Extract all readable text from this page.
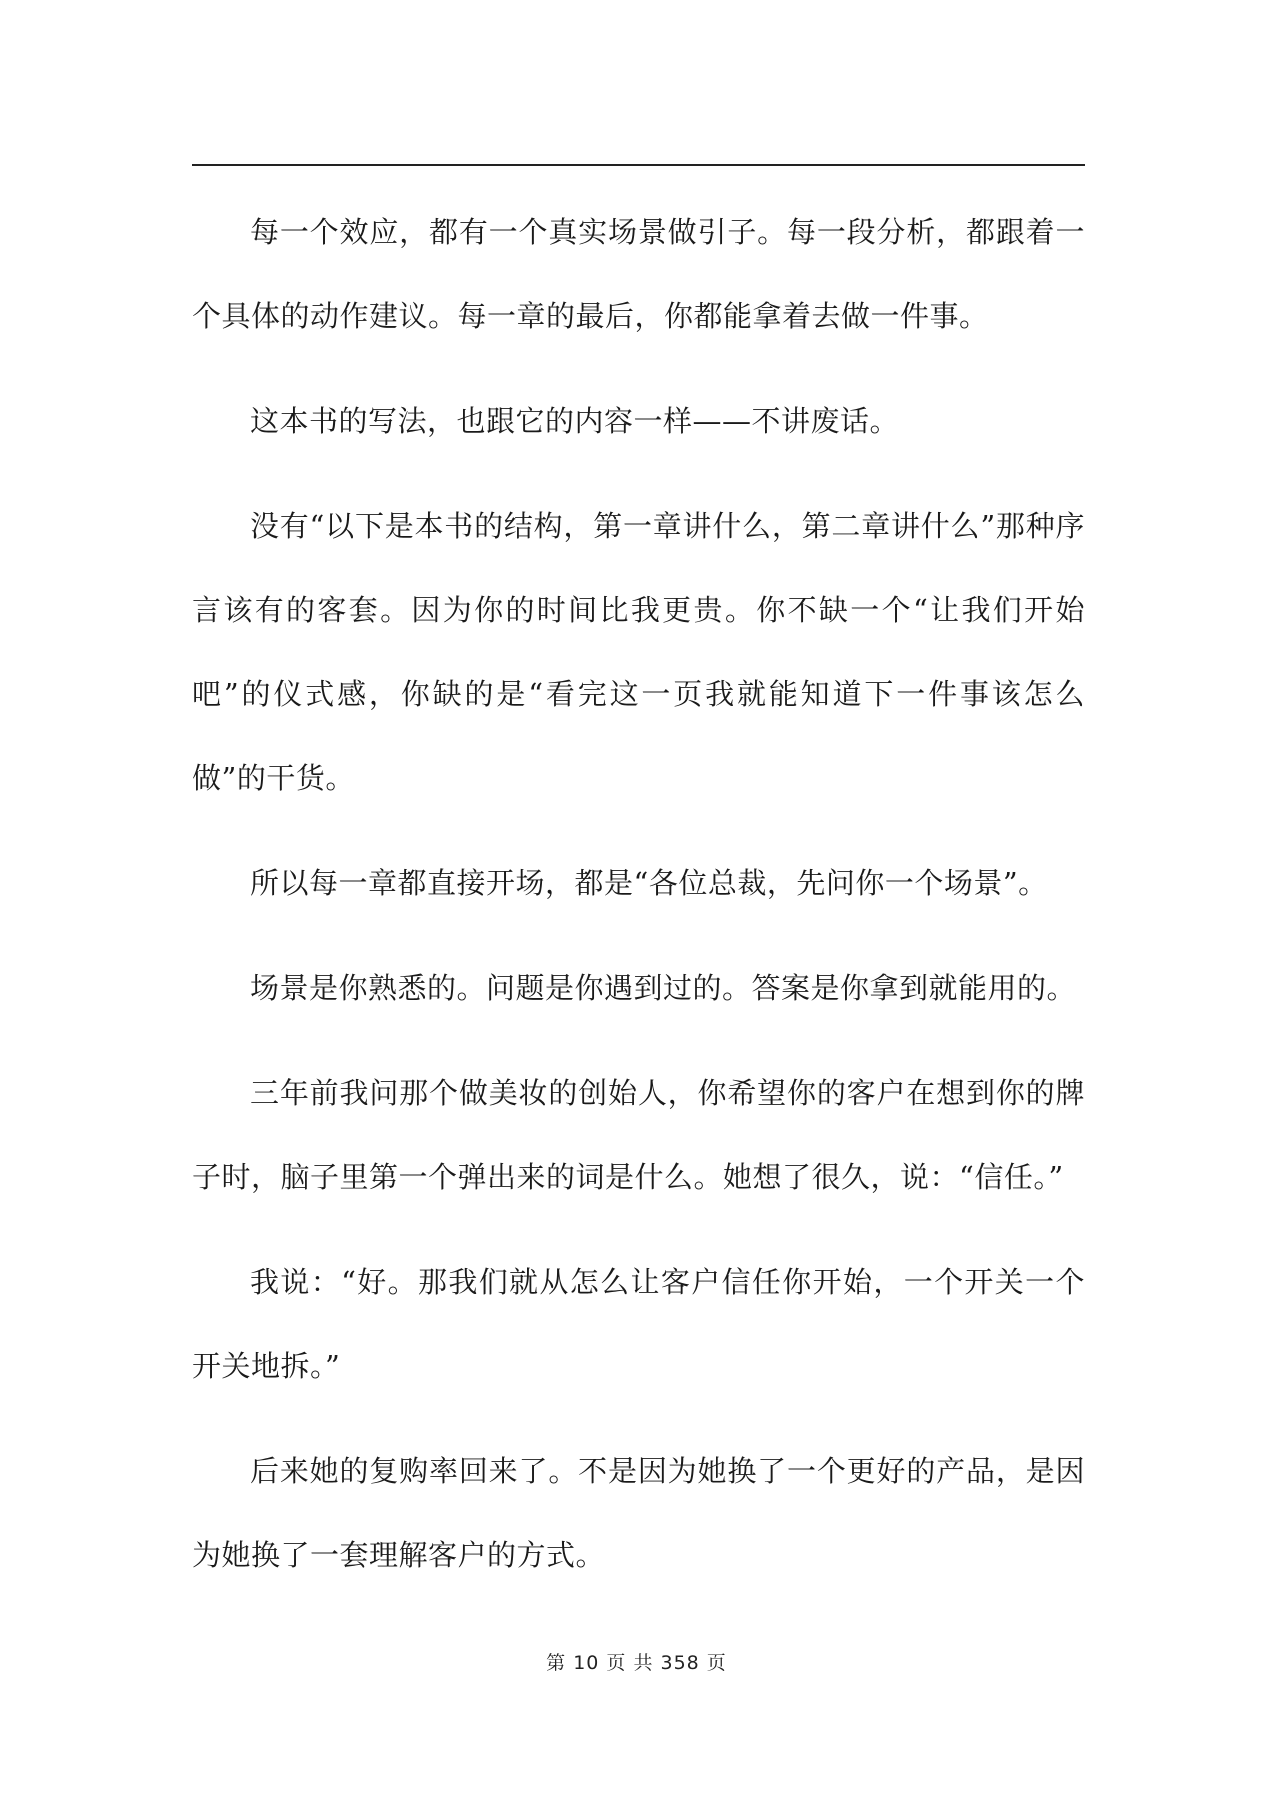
每一个效应，都有一个真实场景做引子。每一段分析，都跟着一个具体的动作建议。每一章的最后，你都能拿着去做一件事。

这本书的写法，也跟它的内容一样——不讲废话。

没有“以下是本书的结构，第一章讲什么，第二章讲什么”那种序言该有的客套。因为你的时间比我更贵。你不缺一个“让我们开始吧”的仪式感，你缺的是“看完这一页我就能知道下一件事该怎么做”的干货。

所以每一章都直接开场，都是“各位总裁，先问你一个场景”。

场景是你熟悉的。问题是你遇到过的。答案是你拿到就能用的。

三年前我问那个做美妆的创始人，你希望你的客户在想到你的牌子时，脑子里第一个弹出来的词是什么。她想了很久，说：“信任。”

我说：“好。那我们就从怎么让客户信任你开始，一个开关一个开关地拆。”

后来她的复购率回来了。不是因为她换了一个更好的产品，是因为她换了一套理解客户的方式。

第 10 页 共 358 页
